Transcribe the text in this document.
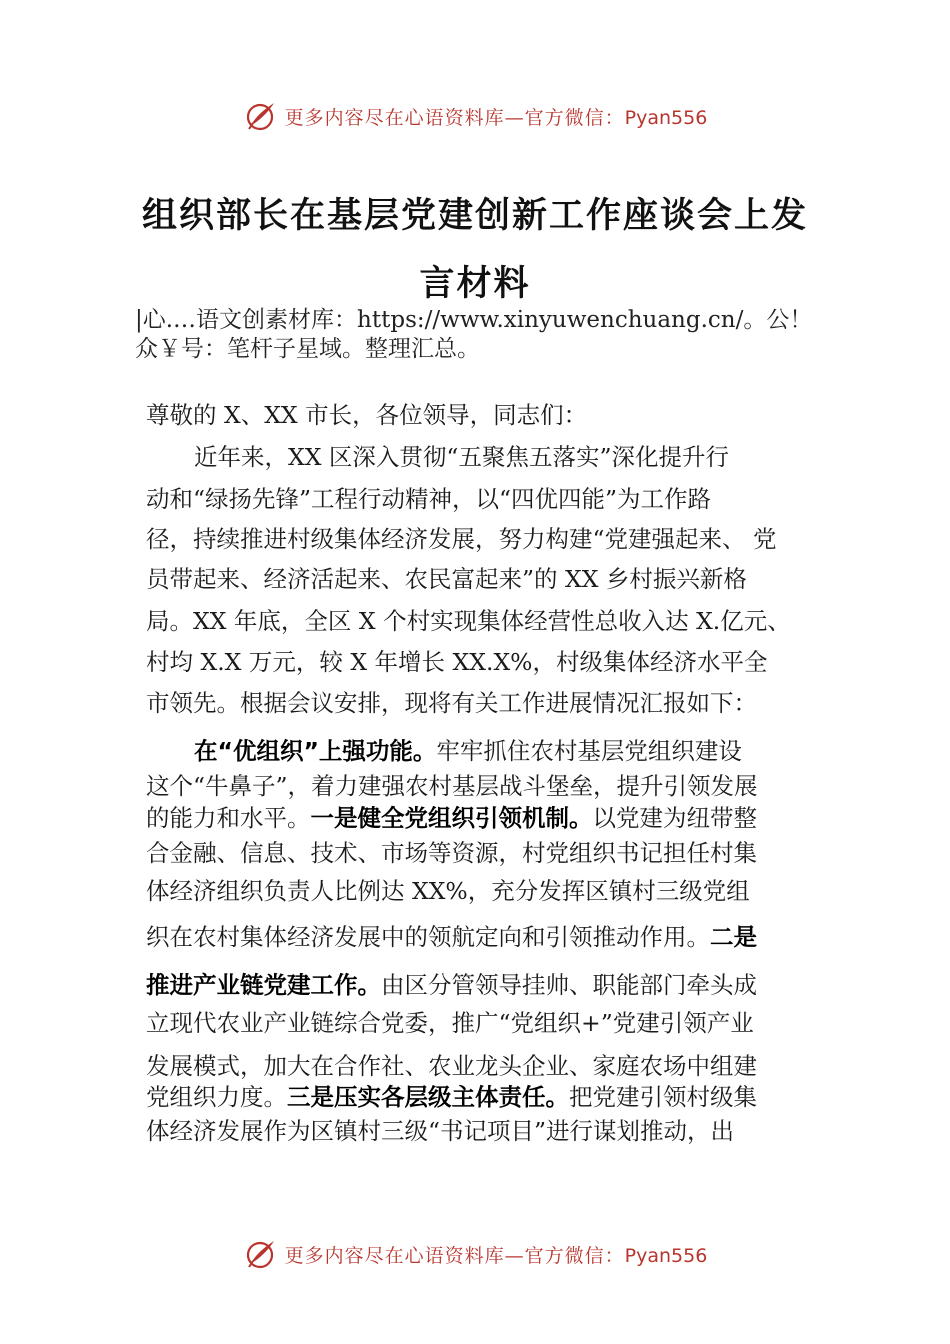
更多内容尽在心语资料库—官方微信：Pyan556
组织部长在基层党建创新工作座谈会上发
言材料
|心.…语文创素材库：https://www.xinyuwenchuang.cn/。公！
众￥号：笔杆子星域。整理汇总。
尊敬的 X、XX 市长，各位领导，同志们：
近年来，XX 区深入贯彻“五聚焦五落实”深化提升行
动和“绿扬先锋”工程行动精神，以“四优四能”为工作路
径，持续推进村级集体经济发展，努力构建“党建强起来、 党
员带起来、经济活起来、农民富起来”的 XX 乡村振兴新格
局。XX 年底，全区 X 个村实现集体经营性总收入达 X.亿元、
村均 X.X 万元，较 X 年增长 XX.X%，村级集体经济水平全
市领先。根据会议安排，现将有关工作进展情况汇报如下：
在“优组织”上强功能。牢牢抓住农村基层党组织建设
这个“牛鼻子”，着力建强农村基层战斗堡垒，提升引领发展
的能力和水平。一是健全党组织引领机制。以党建为纽带整
合金融、信息、技术、市场等资源，村党组织书记担任村集
体经济组织负责人比例达 XX%，充分发挥区镇村三级党组
织在农村集体经济发展中的领航定向和引领推动作用。二是
推进产业链党建工作。由区分管领导挂帅、职能部门牵头成
立现代农业产业链综合党委，推广“党组织+”党建引领产业
发展模式，加大在合作社、农业龙头企业、家庭农场中组建
党组织力度。三是压实各层级主体责任。把党建引领村级集
体经济发展作为区镇村三级“书记项目”进行谋划推动，出
更多内容尽在心语资料库—官方微信：Pyan556
